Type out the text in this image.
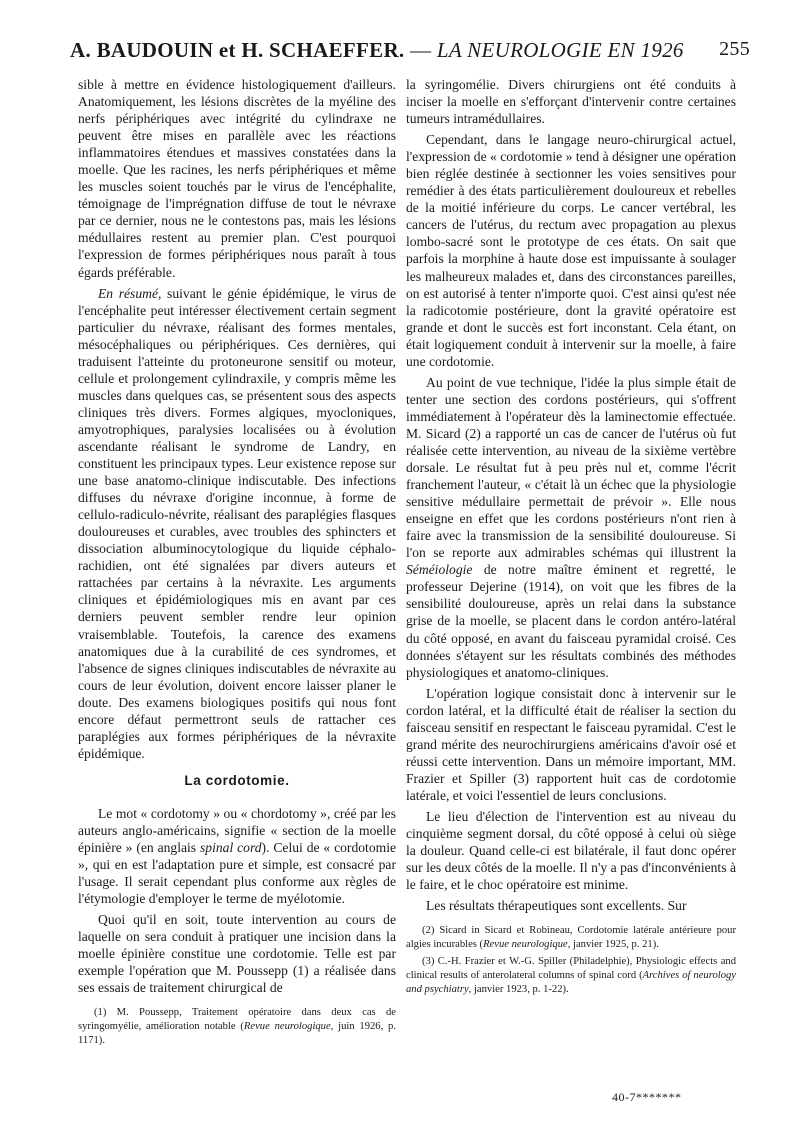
A. BAUDOUIN et H. SCHAEFFER. — LA NEUROLOGIE EN 1926 255

sible à mettre en évidence histologiquement d'ailleurs. Anatomiquement, les lésions discrètes de la myéline des nerfs périphériques avec intégrité du cylindraxe ne peuvent être mises en parallèle avec les réactions inflammatoires étendues et massives constatées dans la moelle. Que les racines, les nerfs périphériques et même les muscles soient touchés par le virus de l'encéphalite, témoignage de l'imprégnation diffuse de tout le névraxe par ce dernier, nous ne le contestons pas, mais les lésions médullaires restent au premier plan. C'est pourquoi l'expression de formes périphériques nous paraît à tous égards préférable.

En résumé, suivant le génie épidémique, le virus de l'encéphalite peut intéresser électivement certain segment particulier du névraxe, réalisant des formes mentales, mésocéphaliques ou périphériques. Ces dernières, qui traduisent l'atteinte du protoneurone sensitif ou moteur, cellule et prolongement cylindraxile, y compris même les muscles dans quelques cas, se présentent sous des aspects cliniques très divers. Formes algiques, myocloniques, amyotrophiques, paralysies localisées ou à évolution ascendante réalisant le syndrome de Landry, en constituent les principaux types. Leur existence repose sur une base anatomo-clinique indiscutable. Des infections diffuses du névraxe d'origine inconnue, à forme de cellulo-radiculo-névrite, réalisant des paraplégies flasques douloureuses et curables, avec troubles des sphincters et dissociation albuminocytologique du liquide céphalo-rachidien, ont été signalées par divers auteurs et rattachées par certains à la névraxite. Les arguments cliniques et épidémiologiques mis en avant par ces derniers peuvent sembler rendre leur opinion vraisemblable. Toutefois, la carence des examens anatomiques due à la curabilité de ces syndromes, et l'absence de signes cliniques indiscutables de névraxite au cours de leur évolution, doivent encore laisser planer le doute. Des examens biologiques positifs qui nous font encore défaut permettront seuls de rattacher ces paraplégies aux formes périphériques de la névraxite épidémique.

La cordotomie.

Le mot « cordotomy » ou « chordotomy », créé par les auteurs anglo-américains, signifie « section de la moelle épinière » (en anglais spinal cord). Celui de « cordotomie », qui en est l'adaptation pure et simple, est consacré par l'usage. Il serait cependant plus conforme aux règles de l'étymologie d'employer le terme de myélotomie.

Quoi qu'il en soit, toute intervention au cours de laquelle on sera conduit à pratiquer une incision dans la moelle épinière constitue une cordotomie. Telle est par exemple l'opération que M. Poussepp (1) a réalisée dans ses essais de traitement chirurgical de

(1) M. Poussepp, Traitement opératoire dans deux cas de syringomyélie, amélioration notable (Revue neurologique, juin 1926, p. 1171).

la syringomélie. Divers chirurgiens ont été conduits à inciser la moelle en s'efforçant d'intervenir contre certaines tumeurs intramédullaires.

Cependant, dans le langage neuro-chirurgical actuel, l'expression de « cordotomie » tend à désigner une opération bien réglée destinée à sectionner les voies sensitives pour remédier à des états particulièrement douloureux et rebelles de la moitié inférieure du corps. Le cancer vertébral, les cancers de l'utérus, du rectum avec propagation au plexus lombo-sacré sont le prototype de ces états. On sait que parfois la morphine à haute dose est impuissante à soulager les malheureux malades et, dans des circonstances pareilles, on est autorisé à tenter n'importe quoi. C'est ainsi qu'est née la radicotomie postérieure, dont la gravité opératoire est grande et dont le succès est fort inconstant. Cela étant, on était logiquement conduit à intervenir sur la moelle, à faire une cordotomie.

Au point de vue technique, l'idée la plus simple était de tenter une section des cordons postérieurs, qui s'offrent immédiatement à l'opérateur dès la laminectomie effectuée. M. Sicard (2) a rapporté un cas de cancer de l'utérus où fut réalisée cette intervention, au niveau de la sixième vertèbre dorsale. Le résultat fut à peu près nul et, comme l'écrit franchement l'auteur, « c'était là un échec que la physiologie sensitive médullaire permettait de prévoir ». Elle nous enseigne en effet que les cordons postérieurs n'ont rien à faire avec la transmission de la sensibilité douloureuse. Si l'on se reporte aux admirables schémas qui illustrent la Séméiologie de notre maître éminent et regretté, le professeur Dejerine (1914), on voit que les fibres de la sensibilité douloureuse, après un relai dans la substance grise de la moelle, se placent dans le cordon antéro-latéral du côté opposé, en avant du faisceau pyramidal croisé. Ces données s'étayent sur les résultats combinés des méthodes physiologiques et anatomo-cliniques.

L'opération logique consistait donc à intervenir sur le cordon latéral, et la difficulté était de réaliser la section du faisceau sensitif en respectant le faisceau pyramidal. C'est le grand mérite des neurochirurgiens américains d'avoir osé et réussi cette intervention. Dans un mémoire important, MM. Frazier et Spiller (3) rapportent huit cas de cordotomie latérale, et voici l'essentiel de leurs conclusions.

Le lieu d'élection de l'intervention est au niveau du cinquième segment dorsal, du côté opposé à celui où siège la douleur. Quand celle-ci est bilatérale, il faut donc opérer sur les deux côtés de la moelle. Il n'y a pas d'inconvénients à le faire, et le choc opératoire est minime.

Les résultats thérapeutiques sont excellents. Sur

(2) Sicard in Sicard et Robineau, Cordotomie latérale antérieure pour algies incurables (Revue neurologique, janvier 1925, p. 21).
(3) C.-H. Frazier et W.-G. Spiller (Philadelphie), Physiologic effects and clinical results of anterolateral columns of spinal cord (Archives of neurology and psychiatry, janvier 1923, p. 1-22).
40-7*******
